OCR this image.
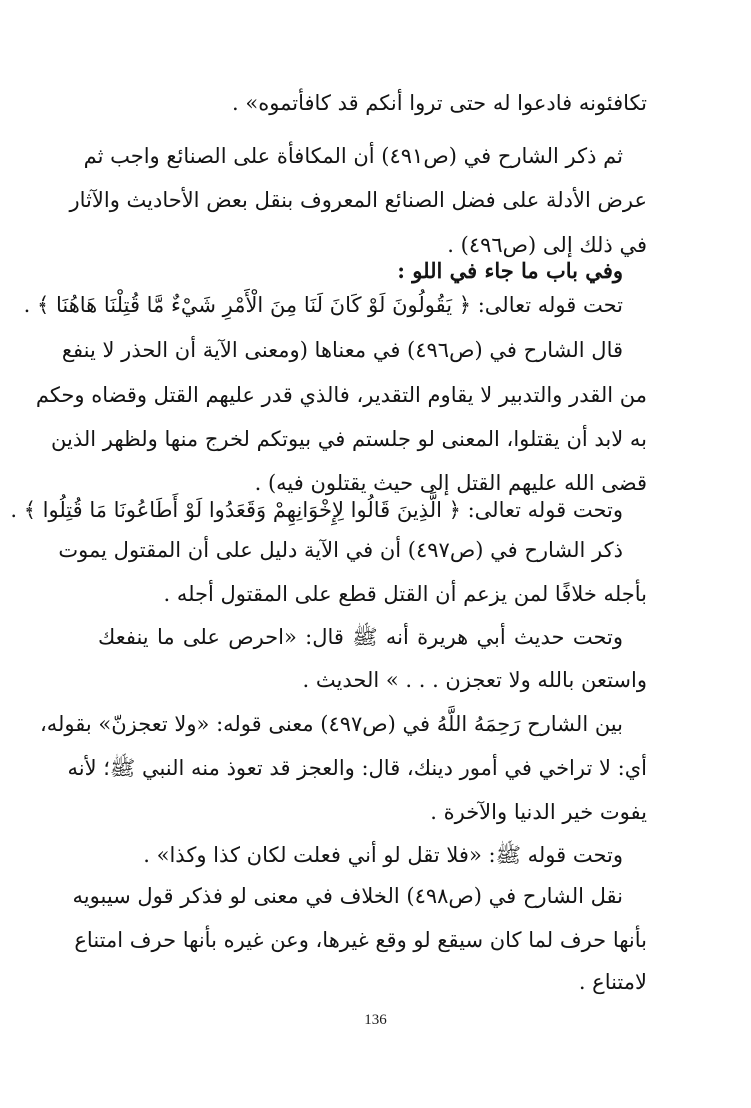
تكافئونه فادعوا له حتى تروا أنكم قد كافأتموه» .
ثم ذكر الشارح في (ص٤٩١) أن المكافأة على الصنائع واجب ثم
عرض الأدلة على فضل الصنائع المعروف بنقل بعض الأحاديث والآثار
في ذلك إلى (ص٤٩٦) .
وفي باب ما جاء في اللو :
تحت قوله تعالى: ﴿ يَقُولُونَ لَوْ كَانَ لَنَا مِنَ الْأَمْرِ شَيْءٌ مَّا قُتِلْنَا هَاهُنَا ﴾ .
قال الشارح في (ص٤٩٦) في معناها (ومعنى الآية أن الحذر لا ينفع
من القدر والتدبير لا يقاوم التقدير، فالذي قدر عليهم القتل وقضاه وحكم
به لابد أن يقتلوا، المعنى لو جلستم في بيوتكم لخرج منها ولظهر الذين
قضى الله عليهم القتل إلى حيث يقتلون فيه) .
وتحت قوله تعالى: ﴿ الَّذِينَ قَالُوا لِإِخْوَانِهِمْ وَقَعَدُوا لَوْ أَطَاعُونَا مَا قُتِلُوا ﴾ .
ذكر الشارح في (ص٤٩٧) أن في الآية دليل على أن المقتول يموت
بأجله خلافًا لمن يزعم أن القتل قطع على المقتول أجله .
وتحت حديث أبي هريرة أنه ﷺ قال: «احرص على ما ينفعك
واستعن بالله ولا تعجزن . . . » الحديث .
بين الشارح رَحِمَهُ اللَّهُ في (ص٤٩٧) معنى قوله: «ولا تعجزنّ» بقوله،
أي: لا تراخي في أمور دينك، قال: والعجز قد تعوذ منه النبي ﷺ؛ لأنه
يفوت خير الدنيا والآخرة .
وتحت قوله ﷺ: «فلا تقل لو أني فعلت لكان كذا وكذا» .
نقل الشارح في (ص٤٩٨) الخلاف في معنى لو فذكر قول سيبويه
بأنها حرف لما كان سيقع لو وقع غيرها، وعن غيره بأنها حرف امتناع
لامتناع .
136
